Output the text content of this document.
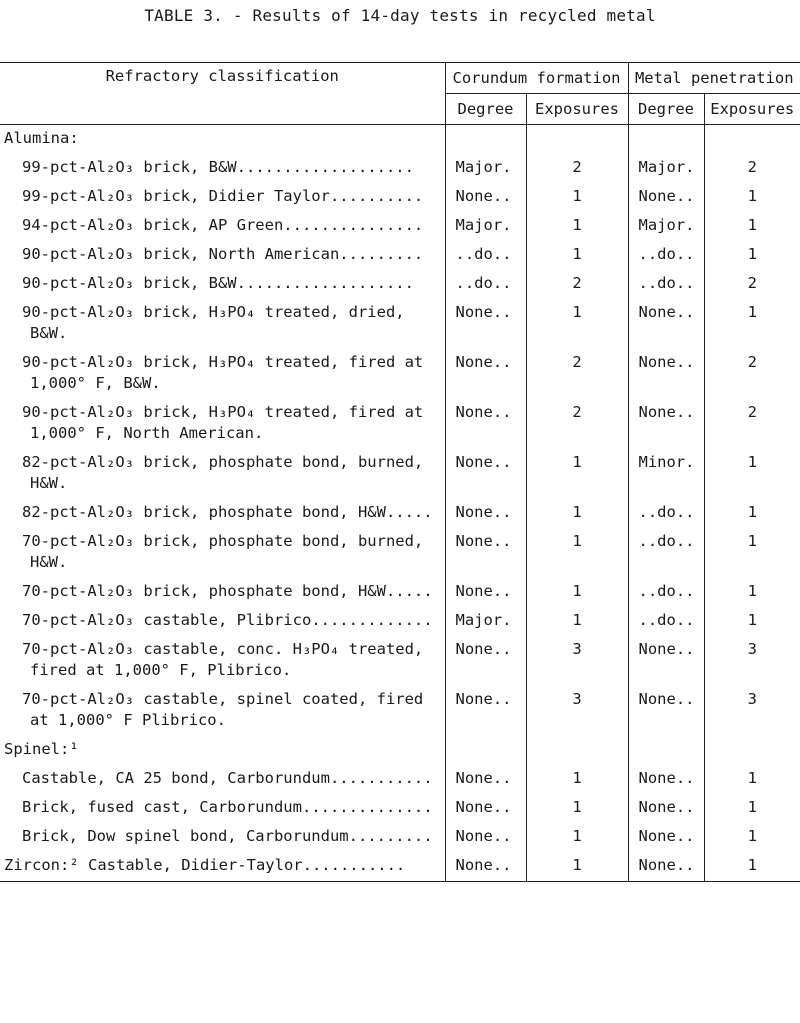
TABLE 3. - Results of 14-day tests in recycled metal
Refractory classification	Corundum formation		Metal penetration	
	Degree	Exposures	Degree	Exposures
Alumina:				

99-pct-Al₂O₃ brick, B&W...................	Major.	2	Major.	2

99-pct-Al₂O₃ brick, Didier Taylor..........	None..	1	None..	1

94-pct-Al₂O₃ brick, AP Green...............	Major.	1	Major.	1

90-pct-Al₂O₃ brick, North American.........	..do..	1	..do..	1

90-pct-Al₂O₃ brick, B&W...................	..do..	2	..do..	2

90-pct-Al₂O₃ brick, H₃PO₄ treated, dried,
B&W.	None..	1	None..	1

90-pct-Al₂O₃ brick, H₃PO₄ treated, fired at
1,000° F, B&W.	None..	2	None..	2

90-pct-Al₂O₃ brick, H₃PO₄ treated, fired at
1,000° F, North American.	None..	2	None..	2

82-pct-Al₂O₃ brick, phosphate bond, burned,
H&W.	None..	1	Minor.	1

82-pct-Al₂O₃ brick, phosphate bond, H&W.....	None..	1	..do..	1

70-pct-Al₂O₃ brick, phosphate bond, burned,
H&W.	None..	1	..do..	1

70-pct-Al₂O₃ brick, phosphate bond, H&W.....	None..	1	..do..	1

70-pct-Al₂O₃ castable, Plibrico.............	Major.	1	..do..	1

70-pct-Al₂O₃ castable, conc. H₃PO₄ treated,
fired at 1,000° F, Plibrico.	None..	3	None..	3

70-pct-Al₂O₃ castable, spinel coated, fired
at 1,000° F Plibrico.	None..	3	None..	3
Spinel:¹				

Castable, CA 25 bond, Carborundum...........	None..	1	None..	1

Brick, fused cast, Carborundum..............	None..	1	None..	1

Brick, Dow spinel bond, Carborundum.........	None..	1	None..	1
Zircon:² Castable, Didier-Taylor...........	None..	1	None..	1
